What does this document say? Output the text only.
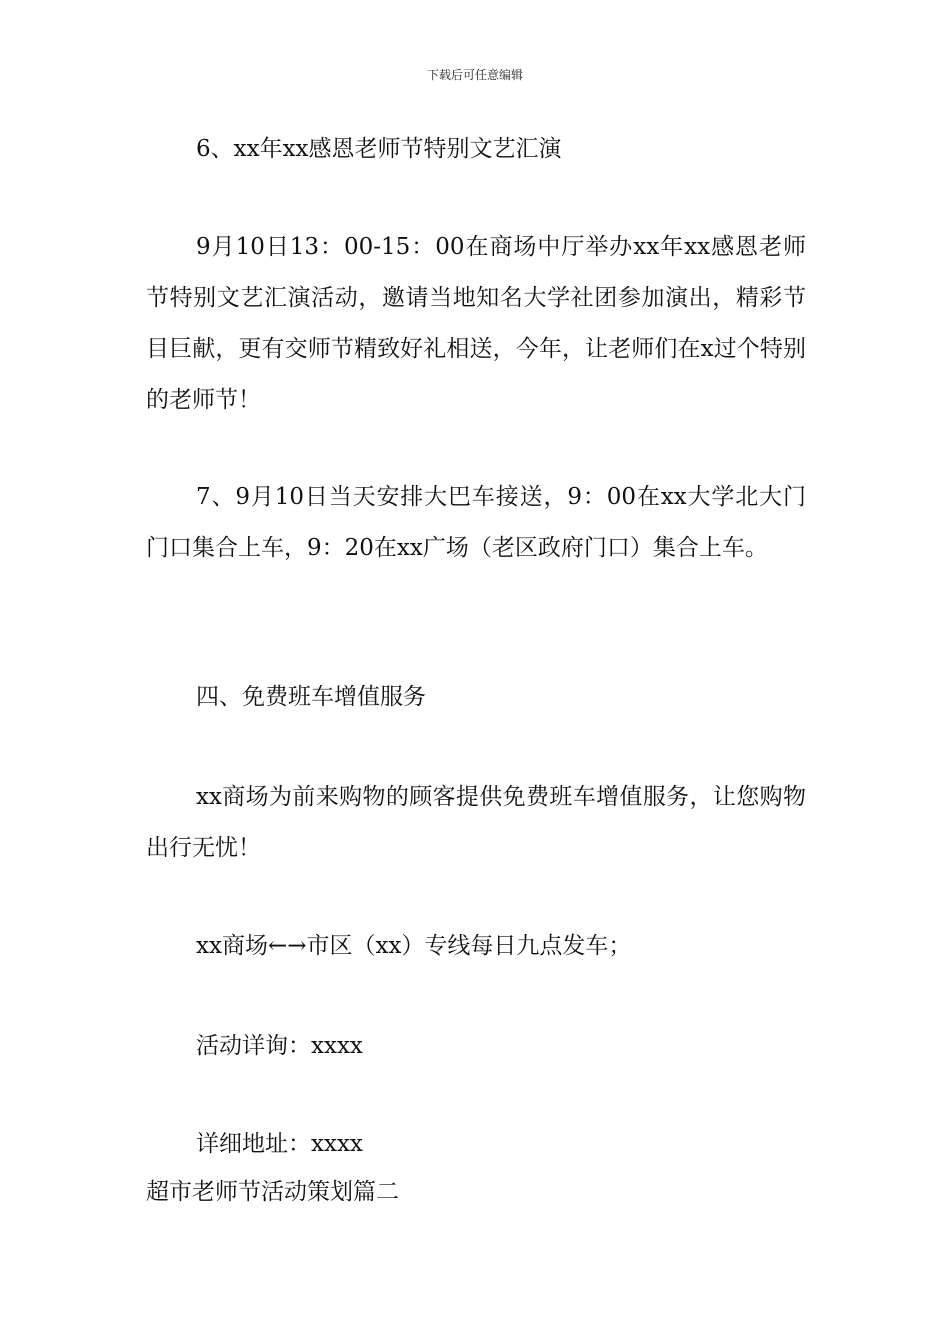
下载后可任意编辑
6、xx年xx感恩老师节特别文艺汇演
9月10日13：00-15：00在商场中厅举办xx年xx感恩老师节特别文艺汇演活动，邀请当地知名大学社团参加演出，精彩节目巨献，更有交师节精致好礼相送，今年，让老师们在x过个特别的老师节！
7、9月10日当天安排大巴车接送，9：00在xx大学北大门门口集合上车，9：20在xx广场（老区政府门口）集合上车。
四、免费班车增值服务
xx商场为前来购物的顾客提供免费班车增值服务，让您购物出行无忧！
xx商场←→市区（xx）专线每日九点发车；
活动详询：xxxx
详细地址：xxxx
超市老师节活动策划篇二
